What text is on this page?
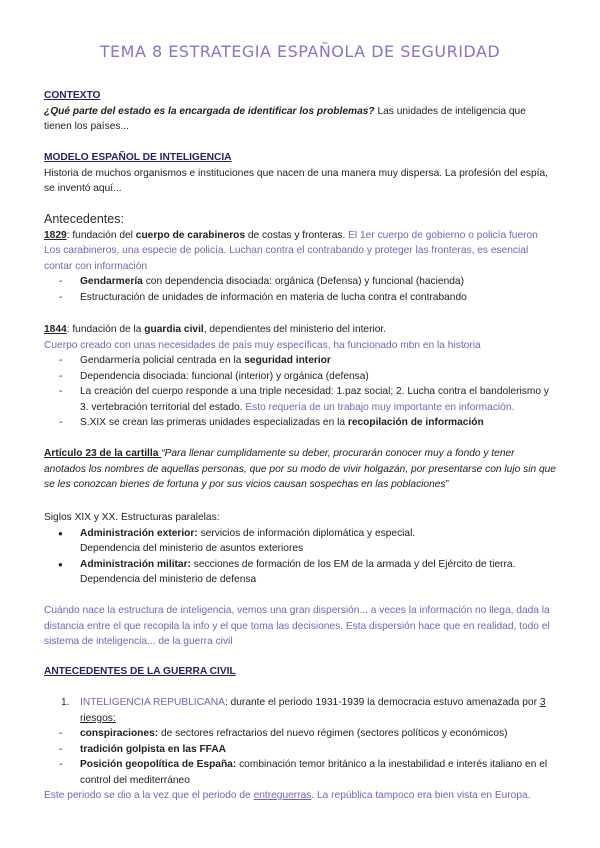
TEMA 8 ESTRATEGIA ESPAÑOLA DE SEGURIDAD
CONTEXTO
¿Qué parte del estado es la encargada de identificar los problemas? Las unidades de inteligencia que tienen los países...
MODELO ESPAÑOL DE INTELIGENCIA
Historia de muchos organismos e instituciones que nacen de una manera muy dispersa. La profesión del espía, se inventó aquí...
Antecedentes:
1829: fundación del cuerpo de carabineros de costas y fronteras. El 1er cuerpo de gobierno o policía fueron Los carabineros, una especie de policía. Luchan contra el contrabando y proteger las fronteras, es esencial contar con información
- Gendarmería con dependencia disociada: orgánica (Defensa) y funcional (hacienda)
- Estructuración de unidades de información en materia de lucha contra el contrabando
1844: fundación de la guardia civil, dependientes del ministerio del interior.
Cuerpo creado con unas necesidades de país muy específicas, ha funcionado mbn en la historia
- Gendarmería policial centrada en la seguridad interior
- Dependencia disociada: funcional (interior) y orgánica (defensa)
- La creación del cuerpo responde a una triple necesidad: 1.paz social; 2. Lucha contra el bandolerismo y 3. vertebración territorial del estado. Esto requería de un trabajo muy importante en información.
- S.XIX se crean las primeras unidades especializadas en la recopilación de información
Artículo 23 de la cartilla “Para llenar cumplidamente su deber, procurarán conocer muy a fondo y tener anotados los nombres de aquellas personas, que por su modo de vivir holgazán, por presentarse con lujo sin que se les conozcan bienes de fortuna y por sus vicios causan sospechas en las poblaciones”
Siglos XIX y XX. Estructuras paralelas:
● Administración exterior: servicios de información diplomática y especial.
Dependencia del ministerio de asuntos exteriores
● Administración militar: secciones de formación de los EM de la armada y del Ejército de tierra.
Dependencia del ministerio de defensa
Cuándo nace la estructura de inteligencia, vemos una gran dispersión... a veces la información no llega, dada la distancia entre el que recopila la info y el que toma las decisiones. Esta dispersión hace que en realidad, todo el sistema de inteligencia... de la guerra civil
ANTECEDENTES DE LA GUERRA CIVIL
1. INTELIGENCIA REPUBLICANA: durante el periodo 1931-1939 la democracia estuvo amenazada por 3
riesgos:
- conspiraciones: de sectores refractarios del nuevo régimen (sectores políticos y económicos)
- tradición golpista en las FFAA
- Posición geopolítica de España: combinación temor británico a la inestabilidad e interés italiano en el control del mediterráneo
Este periodo se dio a la vez que el periodo de entreguerras. La república tampoco era bien vista en Europa.
